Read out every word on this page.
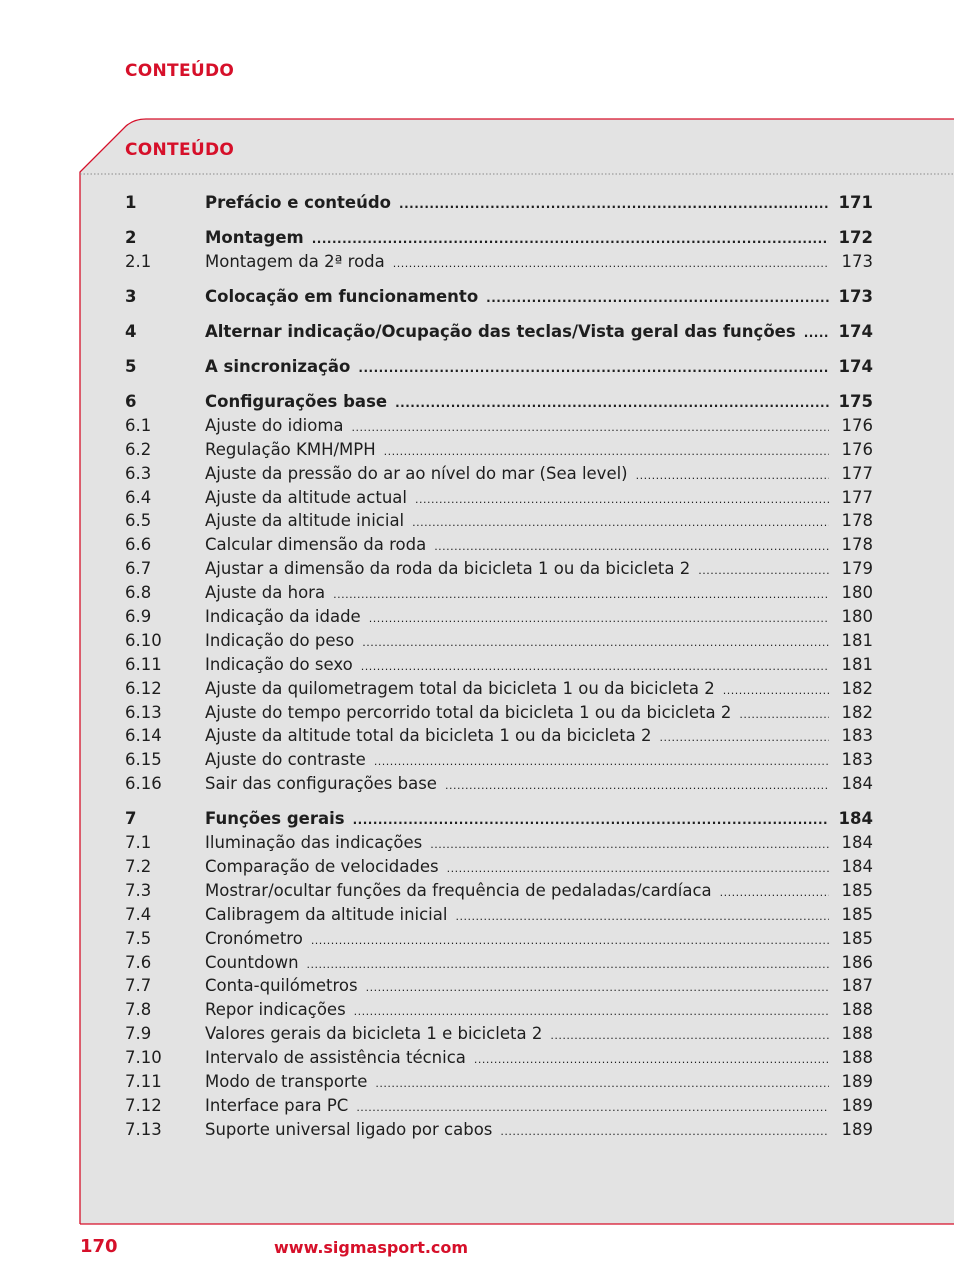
CONTEÚDO
CONTEÚDO
1	Prefácio e conteúdo .....	171
2	Montagem .....	172
2.1	Montagem da 2ª roda .....	173
3	Colocação em funcionamento .....	173
4	Alternar indicação/Ocupação das teclas/Vista geral das funções .....	174
5	A sincronização .....	174
6	Configurações base .....	175
6.1	Ajuste do idioma .....	176
6.2	Regulação KMH/MPH .....	176
6.3	Ajuste da pressão do ar ao nível do mar (Sea level) .....	177
6.4	Ajuste da altitude actual .....	177
6.5	Ajuste da altitude inicial .....	178
6.6	Calcular dimensão da roda .....	178
6.7	Ajustar a dimensão da roda da bicicleta 1 ou da bicicleta 2 .....	179
6.8	Ajuste da hora .....	180
6.9	Indicação da idade .....	180
6.10	Indicação do peso .....	181
6.11	Indicação do sexo .....	181
6.12	Ajuste da quilometragem total da bicicleta 1 ou da bicicleta 2 .....	182
6.13	Ajuste do tempo percorrido total da bicicleta 1 ou da bicicleta 2 .....	182
6.14	Ajuste da altitude total da bicicleta 1 ou da bicicleta 2 .....	183
6.15	Ajuste do contraste .....	183
6.16	Sair das configurações base .....	184
7	Funções gerais .....	184
7.1	Iluminação das indicações .....	184
7.2	Comparação de velocidades .....	184
7.3	Mostrar/ocultar funções da frequência de pedaladas/cardíaca .....	185
7.4	Calibragem da altitude inicial .....	185
7.5	Cronómetro .....	185
7.6	Countdown .....	186
7.7	Conta-quilómetros .....	187
7.8	Repor indicações .....	188
7.9	Valores gerais da bicicleta 1 e bicicleta 2 .....	188
7.10	Intervalo de assistência técnica .....	188
7.11	Modo de transporte .....	189
7.12	Interface para PC .....	189
7.13	Suporte universal ligado por cabos .....	189
170	www.sigmasport.com
